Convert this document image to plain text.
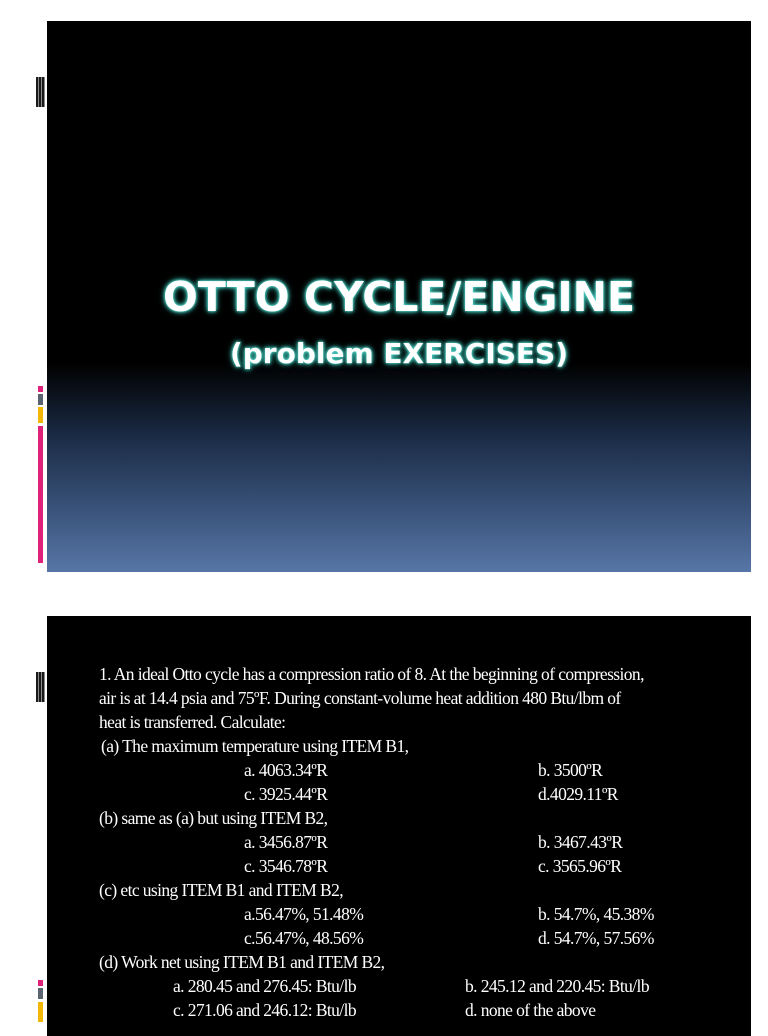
OTTO CYCLE/ENGINE
(problem EXERCISES)
1. An ideal Otto cycle has a compression ratio of 8. At the beginning of compression,
air is at 14.4 psia and 75ºF. During constant-volume heat addition 480 Btu/lbm of
heat is transferred. Calculate:
(a) The maximum temperature using ITEM B1,
a. 4063.34ºR	b. 3500ºR
c. 3925.44ºR	d.4029.11ºR
(b) same as (a) but using ITEM B2,
a. 3456.87ºR	b. 3467.43ºR
c. 3546.78ºR	c. 3565.96ºR
(c) etc using ITEM B1 and ITEM B2,
a.56.47%, 51.48%	b. 54.7%, 45.38%
c.56.47%, 48.56%	d. 54.7%, 57.56%
(d) Work net using ITEM B1 and ITEM B2,
a. 280.45 and 276.45: Btu/lb	b. 245.12 and 220.45: Btu/lb
c. 271.06 and 246.12: Btu/lb	d. none of the above
